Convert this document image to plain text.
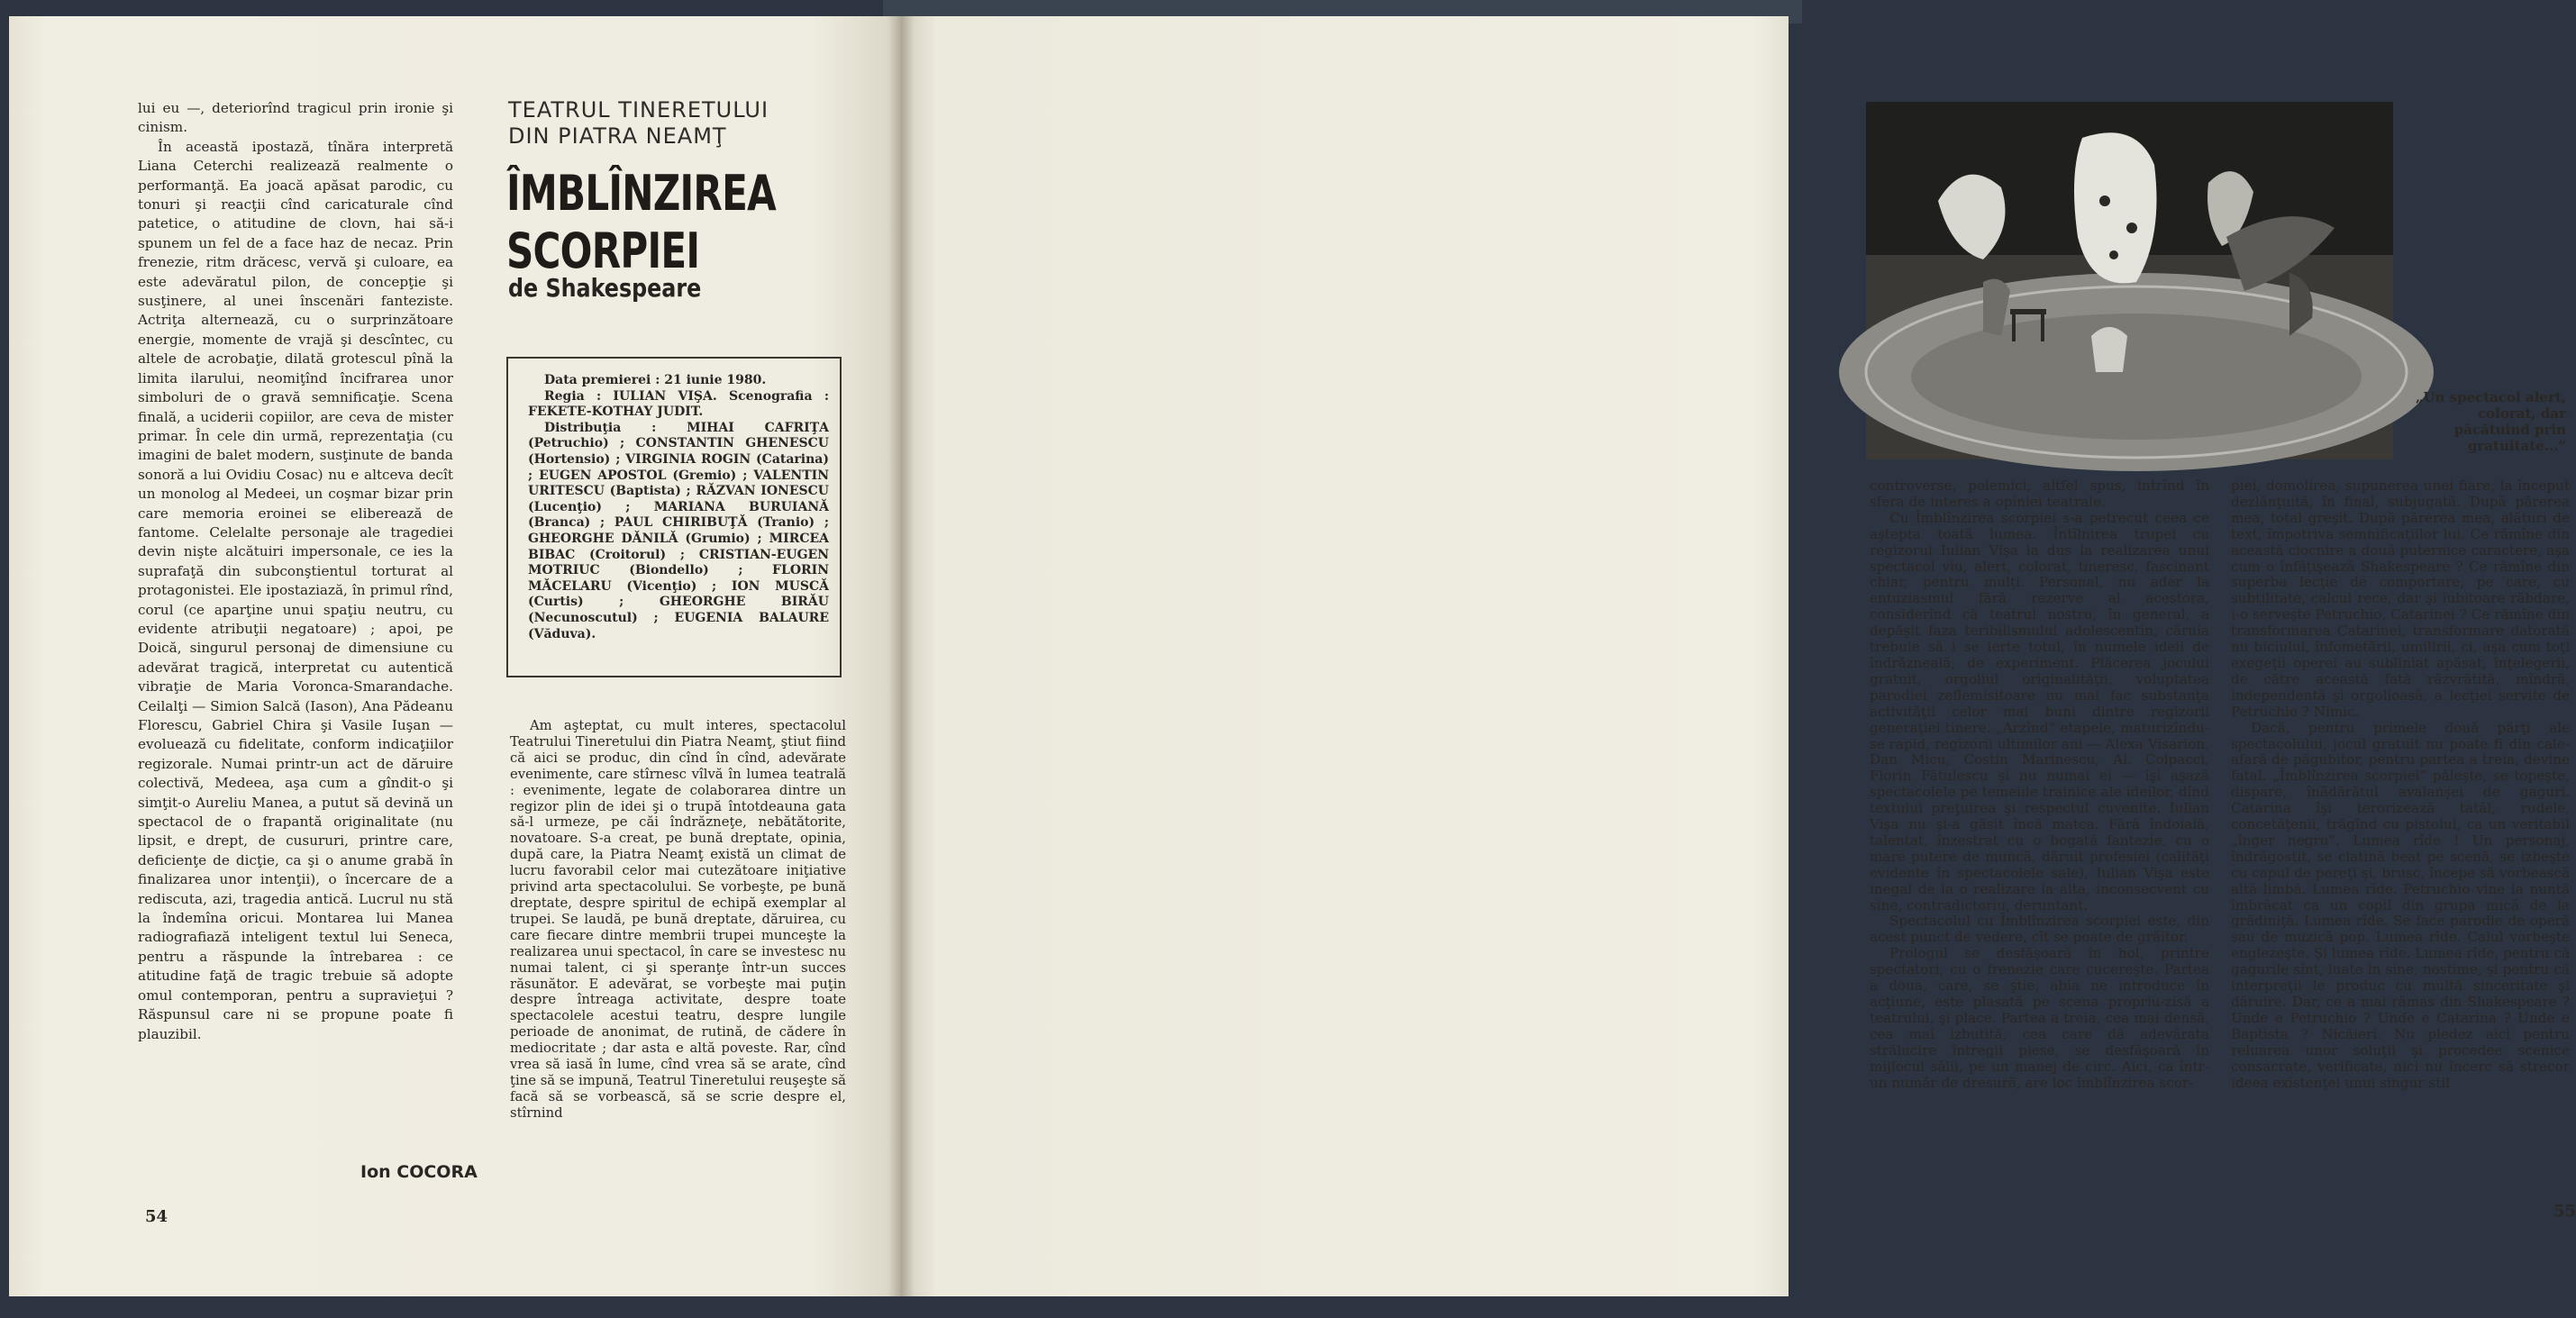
lui eu —, deteriorînd tragicul prin ironie şi cinism.

În această ipostază, tînăra interpretă Liana Ceterchi realizează realmente o performanţă. Ea joacă apăsat parodic, cu tonuri şi reacţii cînd caricaturale cînd patetice, o atitudine de clovn, hai să-i spunem un fel de a face haz de necaz. Prin frenezie, ritm drăcesc, vervă şi culoare, ea este adevăratul pilon, de concepţie şi susţinere, al unei înscenări fanteziste. Actriţa alternează, cu o surprinzătoare energie, momente de vrajă şi descîntec, cu altele de acrobaţie, dilată grotescul pînă la limita ilarului, neomiţînd încifrarea unor simboluri de o gravă semnificaţie. Scena finală, a uciderii copiilor, are ceva de mister primar. În cele din urmă, reprezentaţia (cu imagini de balet modern, susţinute de banda sonoră a lui Ovidiu Cosac) nu e altceva decît un monolog al Medeei, un coşmar bizar prin care memoria eroinei se eliberează de fantome. Celelalte personaje ale tragediei devin nişte alcătuiri impersonale, ce ies la suprafaţă din subconştientul torturat al protagonistei. Ele ipostaziază, în primul rînd, corul (ce aparţine unui spaţiu neutru, cu evidente atribuţii negatoare) ; apoi, pe Doică, singurul personaj de dimensiune cu adevărat tragică, interpretat cu autentică vibraţie de Maria Voronca-Smarandache. Ceilalţi — Simion Salcă (Iason), Ana Pădeanu Florescu, Gabriel Chira şi Vasile Iuşan — evoluează cu fidelitate, conform indicaţiilor regizorale. Numai printr-un act de dăruire colectivă, Medeea, aşa cum a gîndit-o şi simţit-o Aureliu Manea, a putut să devină un spectacol de o frapantă originalitate (nu lipsit, e drept, de cusururi, printre care, deficienţe de dicţie, ca şi o anume grabă în finalizarea unor intenţii), o încercare de a rediscuta, azi, tragedia antică. Lucrul nu stă la îndemîna oricui. Montarea lui Manea radiografiază inteligent textul lui Seneca, pentru a răspunde la întrebarea : ce atitudine faţă de tragic trebuie să adopte omul contemporan, pentru a supravieţui ? Răspunsul care ni se propune poate fi plauzibil.

Ion COCORA
54
TEATRUL TINERETULUI
DIN PIATRA NEAMŢ
ÎMBLÎNZIREA
SCORPIEI
de Shakespeare

Data premierei : 21 iunie 1980.

Regia : IULIAN VIŞA. Scenografia : FEKETE-KOTHAY JUDIT.

Distribuţia : MIHAI CAFRIŢA (Petruchio) ; CONSTANTIN GHENESCU (Hortensio) ; VIRGINIA ROGIN (Catarina) ; EUGEN APOSTOL (Gremio) ; VALENTIN URITESCU (Baptista) ; RĂZVAN IONESCU (Lucenţio) ; MARIANA BURUIANĂ (Branca) ; PAUL CHIRIBUŢĂ (Tranio) ; GHEORGHE DĂNILĂ (Grumio) ; MIRCEA BIBAC (Croitorul) ; CRISTIAN-EUGEN MOTRIUC (Biondello) ; FLORIN MĂCELARU (Vicenţio) ; ION MUSCĂ (Curtis) ; GHEORGHE BIRĂU (Necunoscutul) ; EUGENIA BALAURE (Văduva).

Am aşteptat, cu mult interes, spectacolul Teatrului Tineretului din Piatra Neamţ, ştiut fiind că aici se produc, din cînd în cînd, adevărate evenimente, care stîrnesc vîlvă în lumea teatrală : evenimente, legate de colaborarea dintre un regizor plin de idei şi o trupă întotdeauna gata să-l urmeze, pe căi îndrăzneţe, nebătătorite, novatoare. S-a creat, pe bună dreptate, opinia, după care, la Piatra Neamţ există un climat de lucru favorabil celor mai cutezătoare iniţiative privind arta spectacolului. Se vorbeşte, pe bună dreptate, despre spiritul de echipă exemplar al trupei. Se laudă, pe bună dreptate, dăruirea, cu care fiecare dintre membrii trupei munceşte la realizarea unui spectacol, în care se investesc nu numai talent, ci şi speranţe într-un succes răsunător. E adevărat, se vorbeşte mai puţin despre întreaga activitate, despre toate spectacolele acestui teatru, despre lungile perioade de anonimat, de rutină, de cădere în mediocritate ; dar asta e altă poveste. Rar, cînd vrea să iasă în lume, cînd vrea să se arate, cînd ţine să se impună, Teatrul Tineretului reuşeşte să facă să se vorbească, să se scrie despre el, stîrnind

„Un spectacol alert, colorat, dar păcătuind prin gratuitate...“

controverse, polemici, altfel spus, intrînd în sfera de interes a opiniei teatrale.

Cu Îmblînzirea scorpiei s-a petrecut ceea ce aştepta toată lumea. Întîlnirea trupei cu regizorul Iulian Vişa la dus la realizarea unui spectacol viu, alert, colorat, tineresc, fascinant chiar, pentru mulţi. Personal, nu ader la entuziasmul fără rezerve al acestora, considerînd că teatrul nostru, în general, a depăşit faza teribilismului adolescentin, căruia trebuie să i se ierte totul, în numele ideii de îndrăzneală, de experiment. Plăcerea jocului gratuit, orgoliul originalităţii, voluptatea parodiei zeflemisitoare nu mai fac substanţa activităţii celor mai buni dintre regizorii generaţiei tinere. „Arzînd“ etapele, maturizîndu-se rapid, regizorii ultimilor ani — Alexa Visarion, Dan Micu, Costin Marinescu, Al. Colpacci, Florin Fătulescu şi nu numai ei — îşi aşază spectacolele pe temeiile trainice ale ideilor, dînd textului preţuirea şi respectul cuvenite. Iulian Vişa nu şi-a găsit încă matca. Fără îndoială, talentat, înzestrat cu o bogată fantezie, cu o mare putere de muncă, dăruit profesiei (calităţi evidente în spectacolele sale), Iulian Vişa este inegal de la o realizare la alta, inconsecvent cu sine, contradictoriu, deruntant.

Spectacolul cu Îmblînzirea scorpiei este, din acest punct de vedere, cît se poate de grăitor.

Prologul se desfăşoară în hol, printre spectatori, cu o frenezie care cucereşte. Partea a doua, care, se ştie, abia ne introduce în acţiune, este plasată pe scena propriu-zisă a teatrului, şi place. Partea a treia, cea mai densă, cea mai izbutită, cea care dă adevărata strălucire întregii piese, se desfăşoară în mijlocul sălii, pe un manej de circ. Aici, ca într-un număr de dresură, are loc îmblînzirea scor-

piei, domolirea, supunerea unei fiare, la început dezlănţuită, în final, subjugată. După părerea mea, total greşit. După părerea mea, alături de text, împotriva semnificaţiilor lui. Ce rămîne din această ciocnire a două puternice caractere, aşa cum o înfăţişează Shakespeare ? Ce rămîne din superba lecţie de comportare, pe care, cu subtilitate, calcul rece, dar şi iubitoare răbdare, i-o serveşte Petruchio, Catarinei ? Ce rămîne din transformarea Catarinei, transformare datorată nu biciului, înfometării, umilirii, ci, aşa cum toţi exegeţii operei au subliniat apăsat, înţelegerii, de către această fată răzvrătită, mîndră, independentă şi orgolioasă, a lecţiei servite de Petruchio ? Nimic.

Dacă, pentru primele două părţi ale spectacolului, jocul gratuit nu poate fi din cale-afară de păgubitor, pentru partea a treia, devine fatal. „Îmblînzirea scorpiei“ păleşte, se topeşte, dispare, înădărătul avalanşei de gaguri. Catarina îşi terorizează tatăl, rudele, concetăţenii, trăgînd cu pistolul, ca un veritabil „înger negru“. Lumea rîde ! Un personaj, îndrăgostit, se clatină beat pe scenă, se izbeşte cu capul de pereţi şi, brusc, începe să vorbească altă limbă. Lumea rîde. Petruchio vine la nuntă îmbrăcat ca un copil din grupa mică de la grădiniţă. Lumea rîde. Se face parodie de operă sau de muzică pop. Lumea rîde. Calul vorbeşte englezeşte. Şi lumea rîde. Lumea rîde, pentru că gagurile sînt, luate în sine, nostime, şi pentru că interpreţii le produc cu multă sinceritate şi dăruire. Dar, ce a mai rămas din Shakespeare ? Unde e Petruchio ? Unde e Catarina ? Unde e Baptista ? Nicăieri. Nu pledez aici pentru reluarea unor soluţii şi procedee scenice consacrate, verificate, nici nu încerc să strecor ideea existenţei unui singur stil

55
